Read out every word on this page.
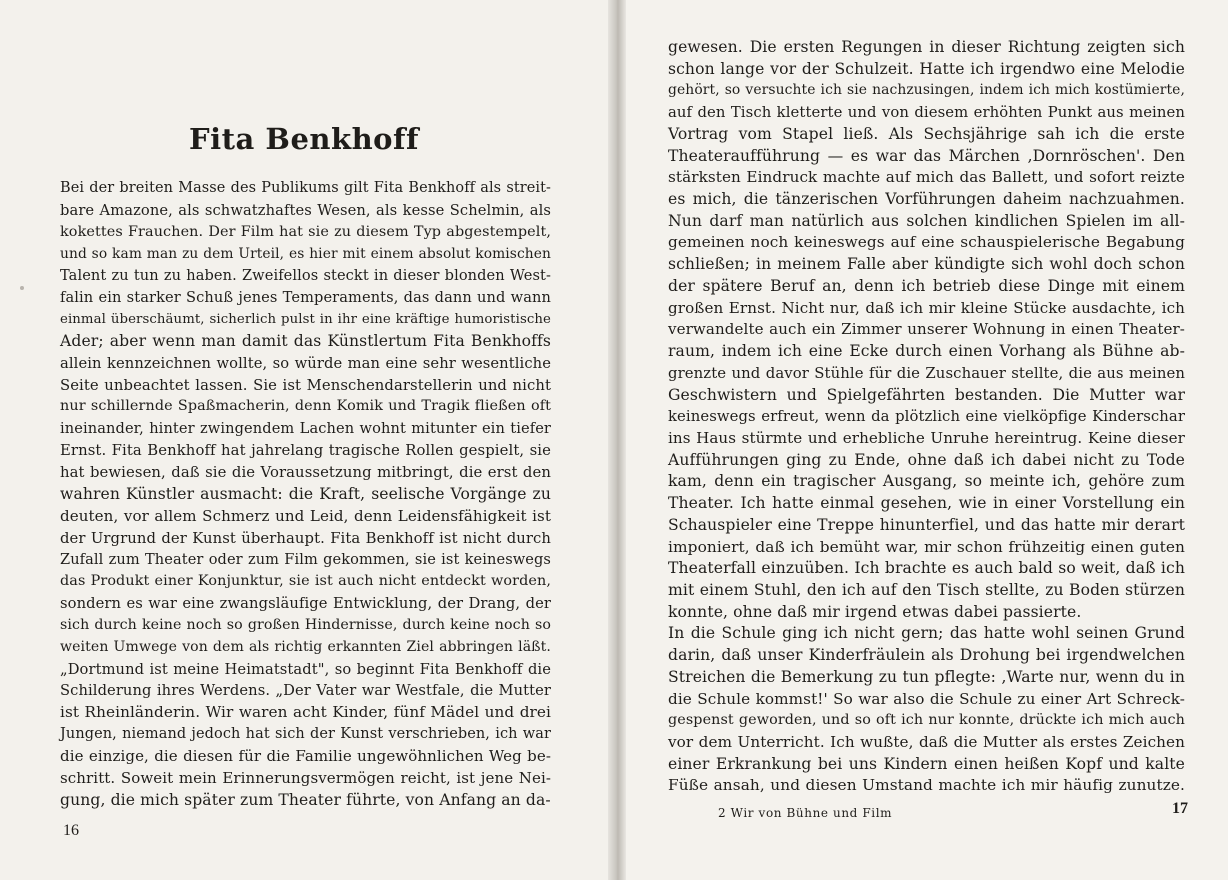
Fita Benkhoff
Bei der breiten Masse des Publikums gilt Fita Benkhoff als streit-
bare Amazone, als schwatzhaftes Wesen, als kesse Schelmin, als
kokettes Frauchen. Der Film hat sie zu diesem Typ abgestempelt,
und so kam man zu dem Urteil, es hier mit einem absolut komischen
Talent zu tun zu haben. Zweifellos steckt in dieser blonden West-
falin ein starker Schuß jenes Temperaments, das dann und wann
einmal überschäumt, sicherlich pulst in ihr eine kräftige humoristische
Ader; aber wenn man damit das Künstlertum Fita Benkhoffs
allein kennzeichnen wollte, so würde man eine sehr wesentliche
Seite unbeachtet lassen. Sie ist Menschendarstellerin und nicht
nur schillernde Spaßmacherin, denn Komik und Tragik fließen oft
ineinander, hinter zwingendem Lachen wohnt mitunter ein tiefer
Ernst. Fita Benkhoff hat jahrelang tragische Rollen gespielt, sie
hat bewiesen, daß sie die Voraussetzung mitbringt, die erst den
wahren Künstler ausmacht: die Kraft, seelische Vorgänge zu
deuten, vor allem Schmerz und Leid, denn Leidensfähigkeit ist
der Urgrund der Kunst überhaupt. Fita Benkhoff ist nicht durch
Zufall zum Theater oder zum Film gekommen, sie ist keineswegs
das Produkt einer Konjunktur, sie ist auch nicht entdeckt worden,
sondern es war eine zwangsläufige Entwicklung, der Drang, der
sich durch keine noch so großen Hindernisse, durch keine noch so
weiten Umwege von dem als richtig erkannten Ziel abbringen läßt.
„Dortmund ist meine Heimatstadt", so beginnt Fita Benkhoff die
Schilderung ihres Werdens. „Der Vater war Westfale, die Mutter
ist Rheinländerin. Wir waren acht Kinder, fünf Mädel und drei
Jungen, niemand jedoch hat sich der Kunst verschrieben, ich war
die einzige, die diesen für die Familie ungewöhnlichen Weg be-
schritt. Soweit mein Erinnerungsvermögen reicht, ist jene Nei-
gung, die mich später zum Theater führte, von Anfang an da-
gewesen. Die ersten Regungen in dieser Richtung zeigten sich
schon lange vor der Schulzeit. Hatte ich irgendwo eine Melodie
gehört, so versuchte ich sie nachzusingen, indem ich mich kostümierte,
auf den Tisch kletterte und von diesem erhöhten Punkt aus meinen
Vortrag vom Stapel ließ. Als Sechsjährige sah ich die erste
Theateraufführung — es war das Märchen ‚Dornröschen'. Den
stärksten Eindruck machte auf mich das Ballett, und sofort reizte
es mich, die tänzerischen Vorführungen daheim nachzuahmen.
Nun darf man natürlich aus solchen kindlichen Spielen im all-
gemeinen noch keineswegs auf eine schauspielerische Begabung
schließen; in meinem Falle aber kündigte sich wohl doch schon
der spätere Beruf an, denn ich betrieb diese Dinge mit einem
großen Ernst. Nicht nur, daß ich mir kleine Stücke ausdachte, ich
verwandelte auch ein Zimmer unserer Wohnung in einen Theater-
raum, indem ich eine Ecke durch einen Vorhang als Bühne ab-
grenzte und davor Stühle für die Zuschauer stellte, die aus meinen
Geschwistern und Spielgefährten bestanden. Die Mutter war
keineswegs erfreut, wenn da plötzlich eine vielköpfige Kinderschar
ins Haus stürmte und erhebliche Unruhe hereintrug. Keine dieser
Aufführungen ging zu Ende, ohne daß ich dabei nicht zu Tode
kam, denn ein tragischer Ausgang, so meinte ich, gehöre zum
Theater. Ich hatte einmal gesehen, wie in einer Vorstellung ein
Schauspieler eine Treppe hinunterfiel, und das hatte mir derart
imponiert, daß ich bemüht war, mir schon frühzeitig einen guten
Theaterfall einzuüben. Ich brachte es auch bald so weit, daß ich
mit einem Stuhl, den ich auf den Tisch stellte, zu Boden stürzen
konnte, ohne daß mir irgend etwas dabei passierte.
In die Schule ging ich nicht gern; das hatte wohl seinen Grund
darin, daß unser Kinderfräulein als Drohung bei irgendwelchen
Streichen die Bemerkung zu tun pflegte: ‚Warte nur, wenn du in
die Schule kommst!' So war also die Schule zu einer Art Schreck-
gespenst geworden, und so oft ich nur konnte, drückte ich mich auch
vor dem Unterricht. Ich wußte, daß die Mutter als erstes Zeichen
einer Erkrankung bei uns Kindern einen heißen Kopf und kalte
Füße ansah, und diesen Umstand machte ich mir häufig zunutze.
16
2 Wir von Bühne und Film	17
